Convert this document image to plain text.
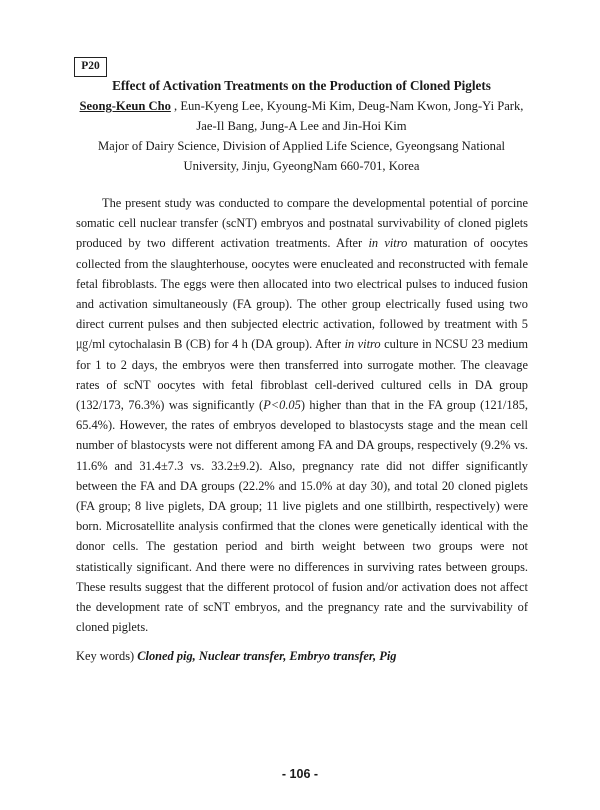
P20

Effect of Activation Treatments on the Production of Cloned Piglets

Seong-Keun Cho , Eun-Kyeng Lee, Kyoung-Mi Kim, Deug-Nam Kwon, Jong-Yi Park,
Jae-Il Bang, Jung-A Lee and Jin-Hoi Kim

Major of Dairy Science, Division of Applied Life Science, Gyeongsang National
University, Jinju, GyeongNam 660-701, Korea

The present study was conducted to compare the developmental potential of porcine somatic cell nuclear transfer (scNT) embryos and postnatal survivability of cloned piglets produced by two different activation treatments. After in vitro maturation of oocytes collected from the slaughterhouse, oocytes were enucleated and reconstructed with female fetal fibroblasts. The eggs were then allocated into two electrical pulses to induced fusion and activation simultaneously (FA group). The other group electrically fused using two direct current pulses and then subjected electric activation, followed by treatment with 5 ㎍/ml cytochalasin B (CB) for 4 h (DA group). After in vitro culture in NCSU 23 medium for 1 to 2 days, the embryos were then transferred into surrogate mother. The cleavage rates of scNT oocytes with fetal fibroblast cell-derived cultured cells in DA group (132/173, 76.3%) was significantly (P<0.05) higher than that in the FA group (121/185, 65.4%). However, the rates of embryos developed to blastocysts stage and the mean cell number of blastocysts were not different among FA and DA groups, respectively (9.2% vs. 11.6% and 31.4±7.3 vs. 33.2±9.2). Also, pregnancy rate did not differ significantly between the FA and DA groups (22.2% and 15.0% at day 30), and total 20 cloned piglets (FA group; 8 live piglets, DA group; 11 live piglets and one stillbirth, respectively) were born. Microsatellite analysis confirmed that the clones were genetically identical with the donor cells. The gestation period and birth weight between two groups were not statistically significant. And there were no differences in surviving rates between groups. These results suggest that the different protocol of fusion and/or activation does not affect the development rate of scNT embryos, and the pregnancy rate and the survivability of cloned piglets.

Key words) Cloned pig, Nuclear transfer, Embryo transfer, Pig

- 106 -
